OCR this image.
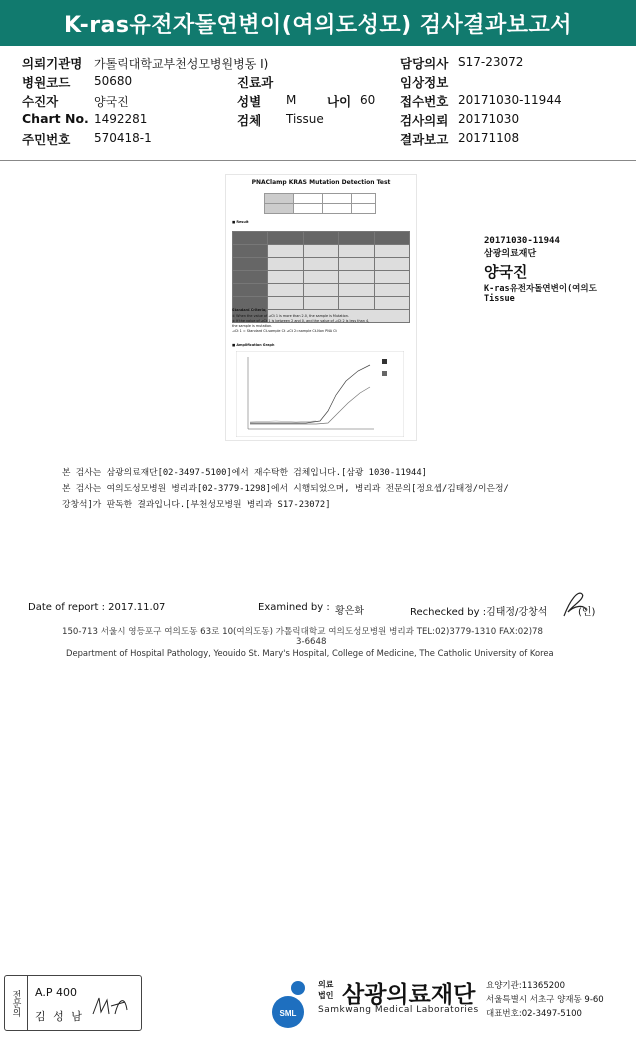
K-ras유전자돌연변이(여의도성모) 검사결과보고서
의뢰기관명 가톨릭대학교부천성모병원병동 I)	담당의사 S17-23072
병원코드 50680	진료과	임상정보
수진자	양국진	성별 M 나이 60 접수번호 20171030-11944
Chart No. 1492281	검체 Tissue	검사의뢰 20171030
주민번호 570418-1	결과보고 20171108
PNAClamp KRAS Mutation Detection Test

■ Result

Standard Criteria;
① When the value of ⊿Ct 1 is more than 2.0, the sample is Mutation.
② If the value of ⊿Ct 1 is between 2 and 0, and the value of ⊿Ct 2 is less than 4,
the sample is mutation.
⊿Ct 1 = Standard Ct-sample Ct ⊿Ct 2=sample Ct-Non PNA Ct
■ Amplification Graph
20171030-11944
삼광의료재단
양국진
K-ras유전자돌연변이(여의도
Tissue
본 검사는 삼광의료재단[02-3497-5100]에서 재수탁한 검체입니다.[삼광 1030-11944]
본 검사는 여의도성모병원 병리과[02-3779-1298]에서 시행되었으며, 병리과 전문의[정요셉/김태정/이은정/
강창석]가 판독한 결과입니다.[부천성모병원 병리과 S17-23072]
Date of report : 2017.11.07	Examined by : 황은화	Rechecked by :김태정/강창석	(인)
150-713 서울시 영등포구 여의도동 63로 10(여의도동) 가톨릭대학교 여의도성모병원 병리과 TEL:02)3779-1310 FAX:02)78
3-6648
Department of Hospital Pathology, Yeouido St. Mary's Hospital, College of Medicine, The Catholic University of Korea
전문의	A.P 400
김 성 남	SML
의료
법인 삼광의료재단
Samkwang Medical Laboratories
요양기관:11365200
서울특별시 서초구 양재동 9-60
대표번호:02-3497-5100
